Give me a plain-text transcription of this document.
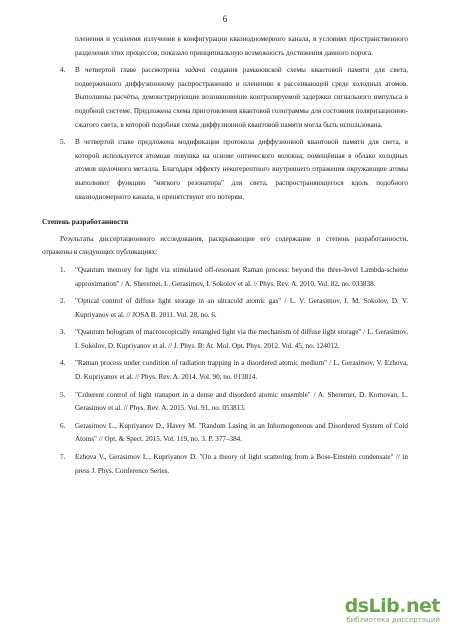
6

пленения и усиления излучения в конфигурации квазиодномерного канала, в условиях пространственного разделения этих процессов, показало принципиальную возможность достижения данного порога.

4. В четвертой главе рассмотрена задача создания рамановской схемы квантовой памяти для света, подверженного диффузионному распространению и пленению в рассеивающей среде холодных атомов. Выполнены расчёты, демонстрирующие возникновение контролируемой задержки сигнального импульса в подобной системе. Предложена схема приготовления квантовой голограммы для состояния поляризационно-сжатого света, в которой подобная схема диффузионной квантовой памяти могла быть использована.
5. В четвертой главе предложена модификация протокола диффузионной квантовой памяти для света, в которой используется атомная ловушка на основе оптического волокна, помещённая в облако холодных атомов щелочного металла. Благодаря эффекту некогерентного внутреннего отражения окружающие атомы выполняют функцию "мягкого резонатора" для света, распространяющегося вдоль подобного квазиодномерного канала, и препятствуют его потерям.

Степень разработанности

Результаты диссертационного исследования, раскрывающие его содержание и степень разработанности, отражены в следующих публикациях:

1. "Quantum memory for light via stimulated off-resonant Raman process: beyond the three-level Lambda-scheme approximation" / A. Sheremet, L. Gerasimov, I. Sokolov et al. // Phys. Rev. A. 2010. Vol. 82, no. 033838.
2. "Optical control of diffuse light storage in an ultracold atomic gas" / L. V. Gerasimov, I. M. Sokolov, D. V. Kupriyanov et al. // JOSA B. 2011. Vol. 28, no. 6.
3. "Quantum hologram of macroscopically entangled light via the mechanism of diffuse light storage" / L. Gerasimov, I. Sokolov, D. Kupriyanov et al. // J. Phys. B: At. Mol. Opt. Phys. 2012. Vol. 45, no. 124012.
4. "Raman process under condition of radiation trapping in a disordered atomic medium" / L. Gerasimov, V. Ezhova, D. Kupriyanov et al. // Phys. Rev. A. 2014. Vol. 90, no. 013814.
5. "Coherent control of light transport in a dense and disorderd atomic ensemble" / A. Sheremet, D. Kornovan, L. Gerasimov et al. // Phys. Rev. A. 2015. Vol. 91, no. 053813.
6. Gerasimov L., Kupriyanov D., Havey M. "Random Lasing in an Inhomogeneous and Disordered System of Cold Atoms" // Opt. & Spect. 2015. Vol. 119, no. 3. P. 377–384.
7. Ezhova V., Gerasimov L., Kupriyanov D. "On a theory of light scattering from a Bose-Einstein condensate" // in press J. Phys. Conference Series.
dsLib.net
библиотека диссертаций
